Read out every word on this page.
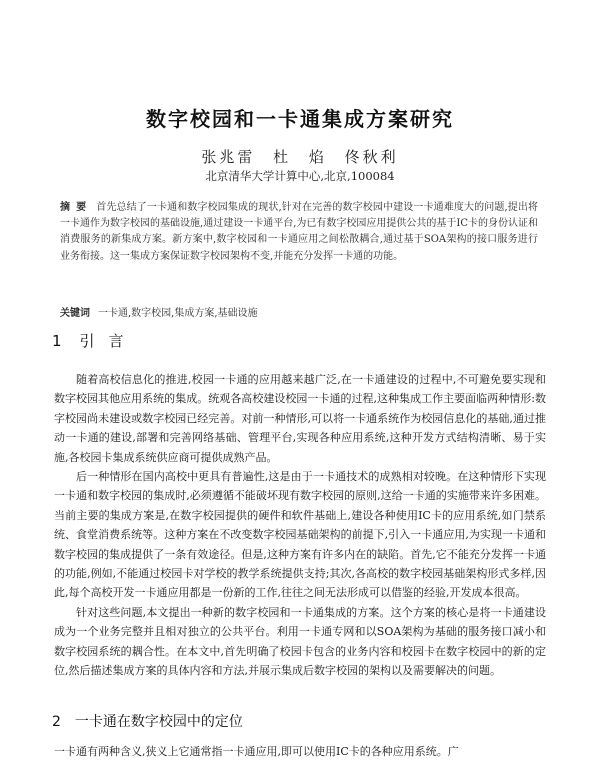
数字校园和一卡通集成方案研究
张兆雷 杜 焰 佟秋利
北京清华大学计算中心,北京,100084
摘要 首先总结了一卡通和数字校园集成的现状,针对在完善的数字校园中建设一卡通难度大的问题,提出将一卡通作为数字校园的基础设施,通过建设一卡通平台,为已有数字校园应用提供公共的基于IC卡的身份认证和消费服务的新集成方案。新方案中,数字校园和一卡通应用之间松散耦合,通过基于SOA架构的接口服务进行业务衔接。这一集成方案保证数字校园架构不变,并能充分发挥一卡通的功能。
关键词 一卡通,数字校园,集成方案,基础设施
1 引言

随着高校信息化的推进,校园一卡通的应用越来越广泛,在一卡通建设的过程中,不可避免要实现和数字校园其他应用系统的集成。统观各高校建设校园一卡通的过程,这种集成工作主要面临两种情形:数字校园尚未建设或数字校园已经完善。对前一种情形,可以将一卡通系统作为校园信息化的基础,通过推动一卡通的建设,部署和完善网络基础、管理平台,实现各种应用系统,这种开发方式结构清晰、易于实施,各校园卡集成系统供应商可提供成熟产品。

后一种情形在国内高校中更具有普遍性,这是由于一卡通技术的成熟相对较晚。在这种情形下实现一卡通和数字校园的集成时,必须遵循不能破坏现有数字校园的原则,这给一卡通的实施带来许多困难。当前主要的集成方案是,在数字校园提供的硬件和软件基础上,建设各种使用IC卡的应用系统,如门禁系统、食堂消费系统等。这种方案在不改变数字校园基础架构的前提下,引入一卡通应用,为实现一卡通和数字校园的集成提供了一条有效途径。但是,这种方案有许多内在的缺陷。首先,它不能充分发挥一卡通的功能,例如,不能通过校园卡对学校的教学系统提供支持;其次,各高校的数字校园基础架构形式多样,因此,每个高校开发一卡通应用都是一份新的工作,往往之间无法形成可以借鉴的经验,开发成本很高。

针对这些问题,本文提出一种新的数字校园和一卡通集成的方案。这个方案的核心是将一卡通建设成为一个业务完整并且相对独立的公共平台。利用一卡通专网和以SOA架构为基础的服务接口减小和数字校园系统的耦合性。在本文中,首先明确了校园卡包含的业务内容和校园卡在数字校园中的新的定位,然后描述集成方案的具体内容和方法,并展示集成后数字校园的架构以及需要解决的问题。

2 一卡通在数字校园中的定位

一卡通有两种含义,狭义上它通常指一卡通应用,即可以使用IC卡的各种应用系统。广
